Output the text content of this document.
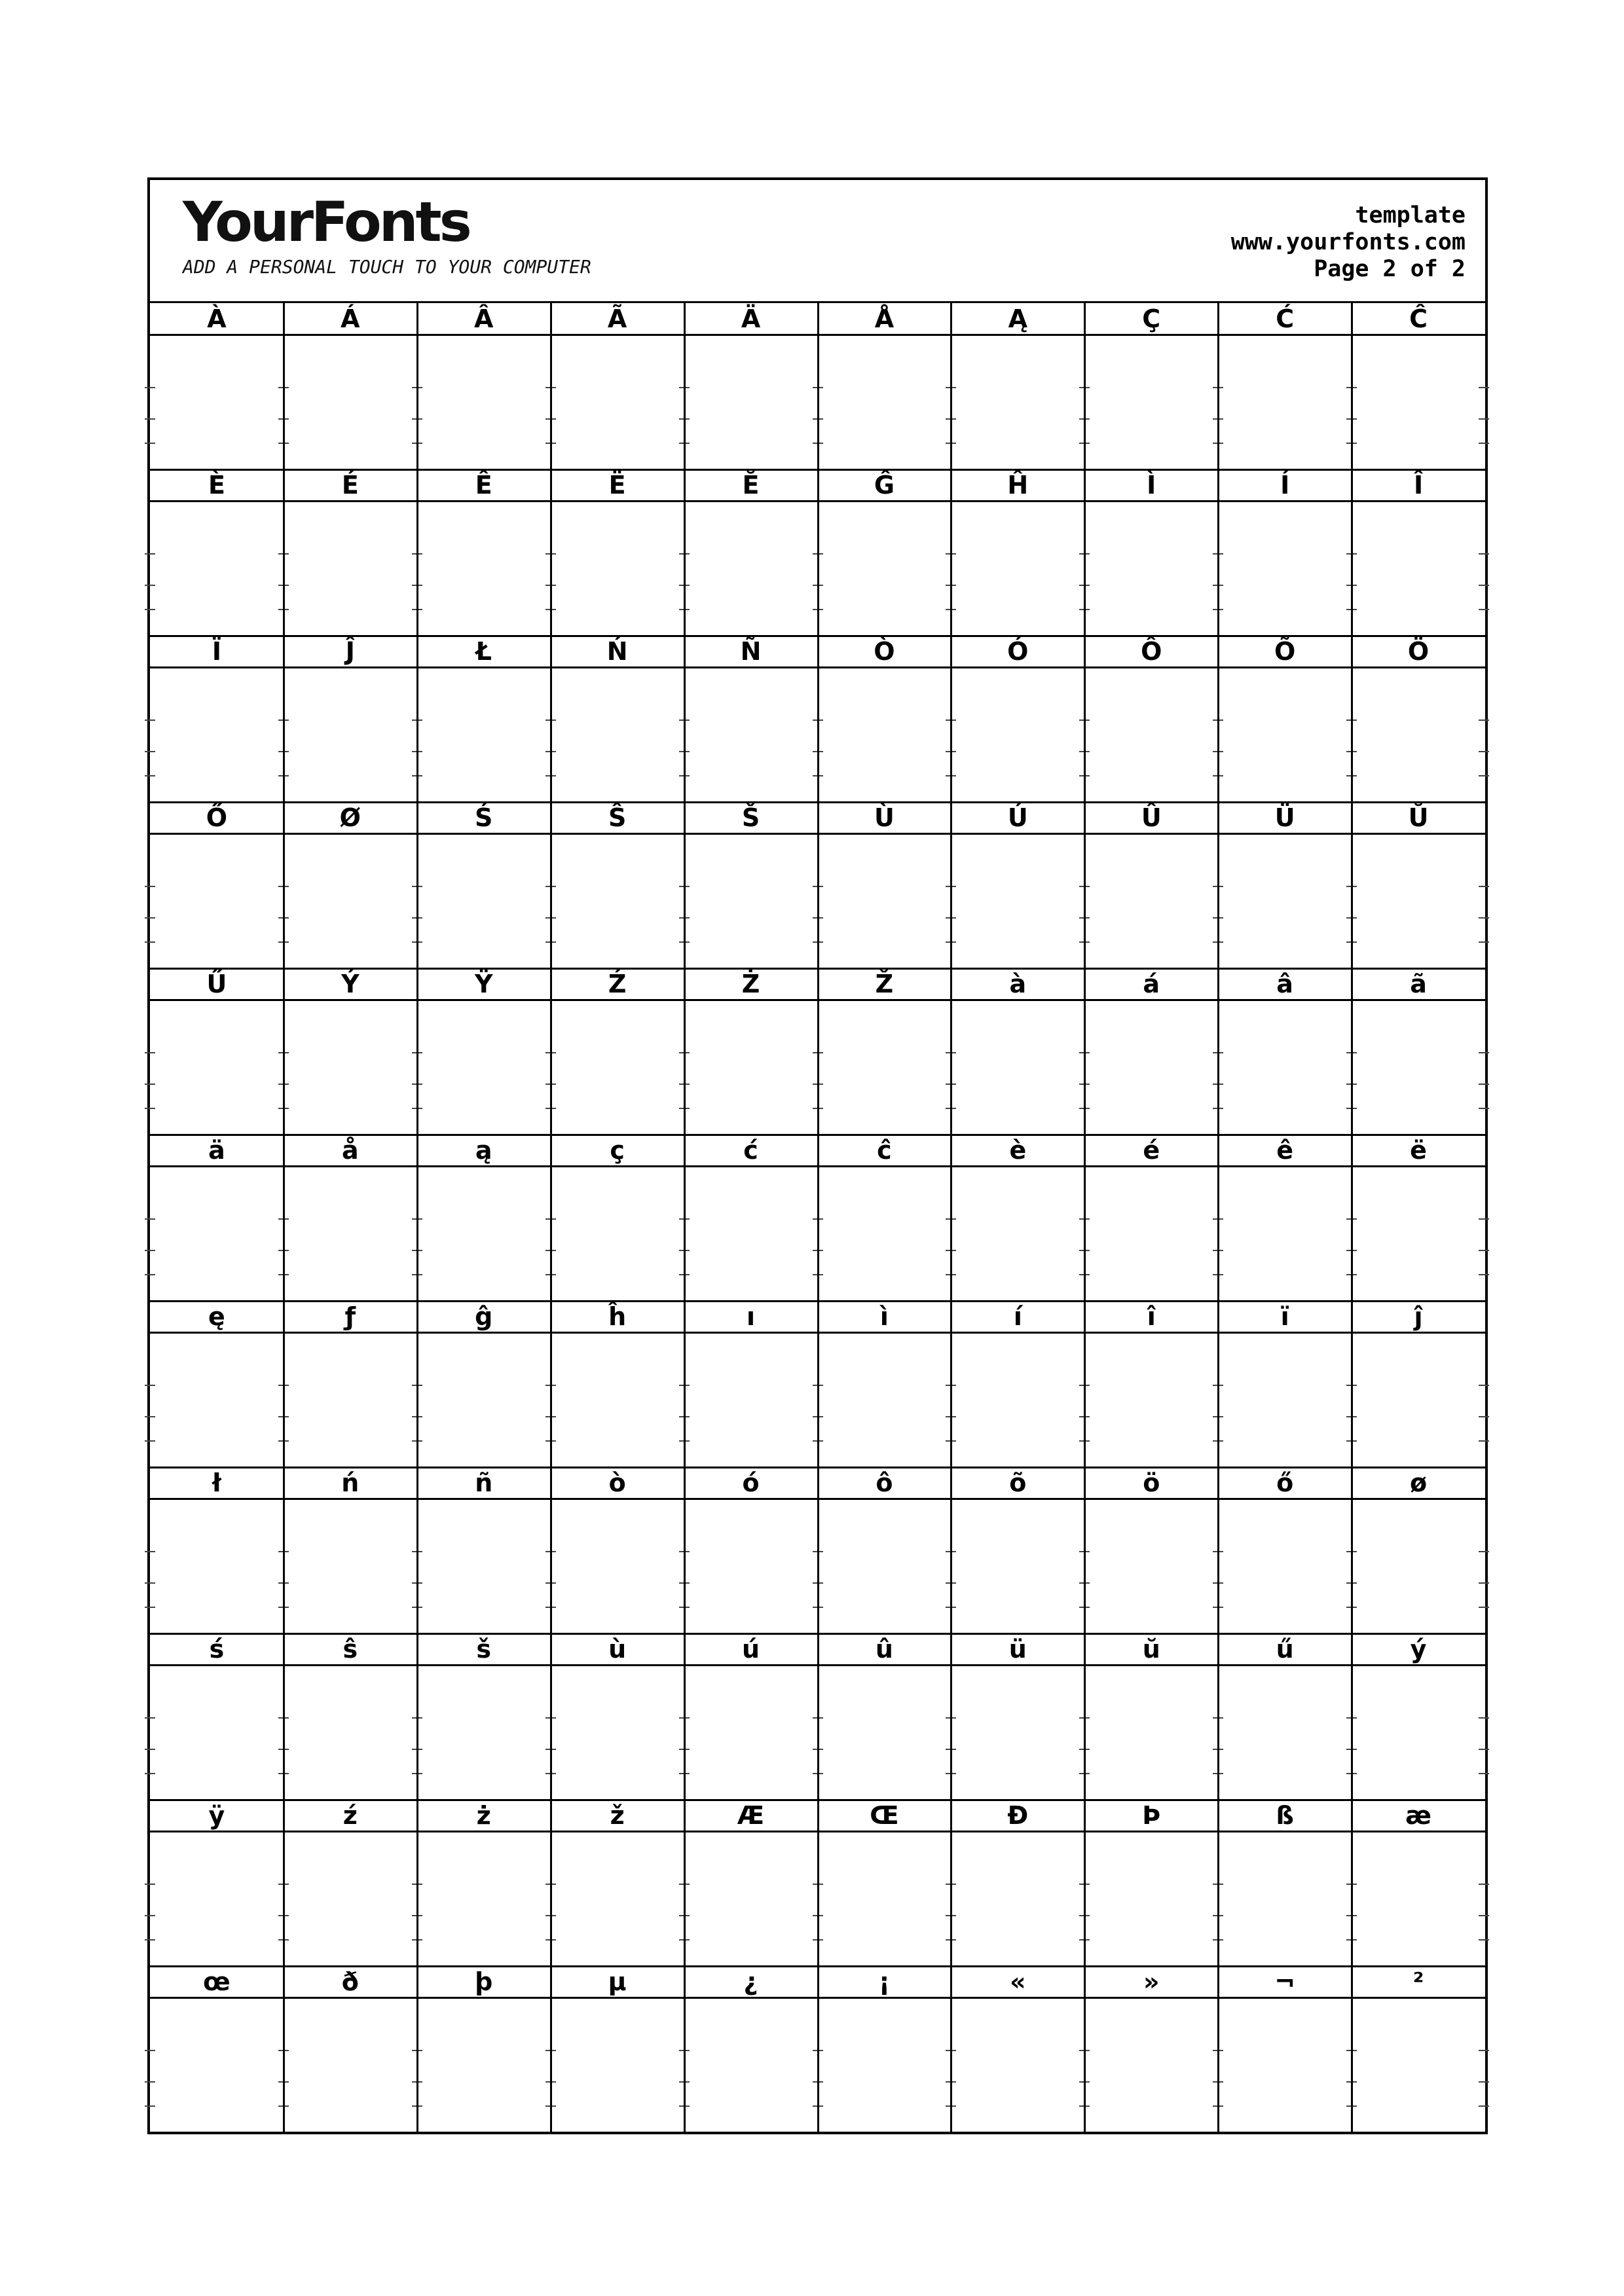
YourFonts
ADD A PERSONAL TOUCH TO YOUR COMPUTER
template
www.yourfonts.com
Page 2 of 2
À	Á	Â	Ã	Ä	Å	Ą	Ç	Ć	Ĉ
È	É	Ê	Ë	Ĕ	Ĝ	Ĥ	Ì	Í	Î
Ï	Ĵ	Ł	Ń	Ñ	Ò	Ó	Ô	Õ	Ö
Ő	Ø	Ś	Ŝ	Š	Ù	Ú	Û	Ü	Ŭ
Ű	Ý	Ÿ	Ź	Ż	Ž	à	á	â	ã
ä	å	ą	ç	ć	ĉ	è	é	ê	ë
ę	ƒ	ĝ	ĥ	ı	ì	í	î	ï	ĵ
ł	ń	ñ	ò	ó	ô	õ	ö	ő	ø
ś	ŝ	š	ù	ú	û	ü	ŭ	ű	ý
ÿ	ź	ż	ž	Æ	Œ	Đ	Þ	ß	æ
œ	ð	þ	µ	¿	¡	«	»	¬	²
